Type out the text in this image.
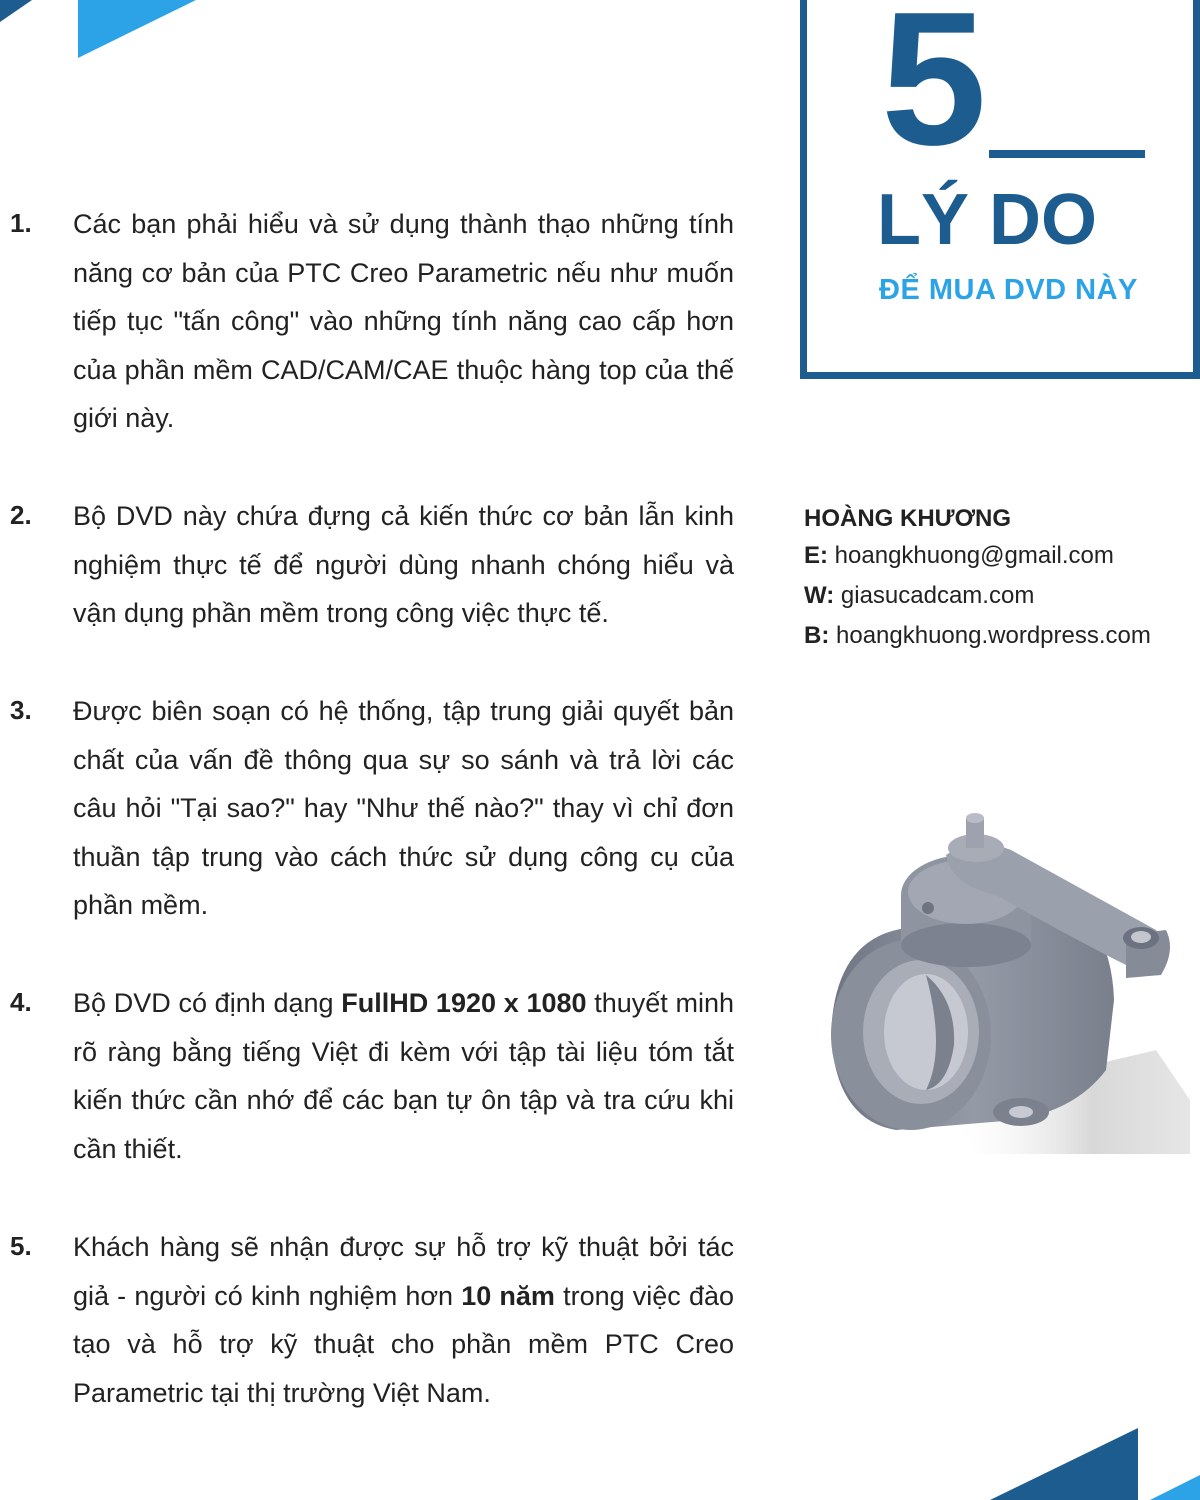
5
LÝ DO
ĐỂ MUA DVD NÀY
1. Các bạn phải hiểu và sử dụng thành thạo những tính năng cơ bản của PTC Creo Parametric nếu như muốn tiếp tục "tấn công" vào những tính năng cao cấp hơn của phần mềm CAD/CAM/CAE thuộc hàng top của thế giới này.
2. Bộ DVD này chứa đựng cả kiến thức cơ bản lẫn kinh nghiệm thực tế để người dùng nhanh chóng hiểu và vận dụng phần mềm trong công việc thực tế.
3. Được biên soạn có hệ thống, tập trung giải quyết bản chất của vấn đề thông qua sự so sánh và trả lời các câu hỏi "Tại sao?" hay "Như thế nào?" thay vì chỉ đơn thuần tập trung vào cách thức sử dụng công cụ của phần mềm.
4. Bộ DVD có định dạng FullHD 1920 x 1080 thuyết minh rõ ràng bằng tiếng Việt đi kèm với tập tài liệu tóm tắt kiến thức cần nhớ để các bạn tự ôn tập và tra cứu khi cần thiết.
5. Khách hàng sẽ nhận được sự hỗ trợ kỹ thuật bởi tác giả - người có kinh nghiệm hơn 10 năm trong việc đào tạo và hỗ trợ kỹ thuật cho phần mềm PTC Creo Parametric tại thị trường Việt Nam.
HOÀNG KHƯƠNG
E: hoangkhuong@gmail.com
W: giasucadcam.com
B: hoangkhuong.wordpress.com
